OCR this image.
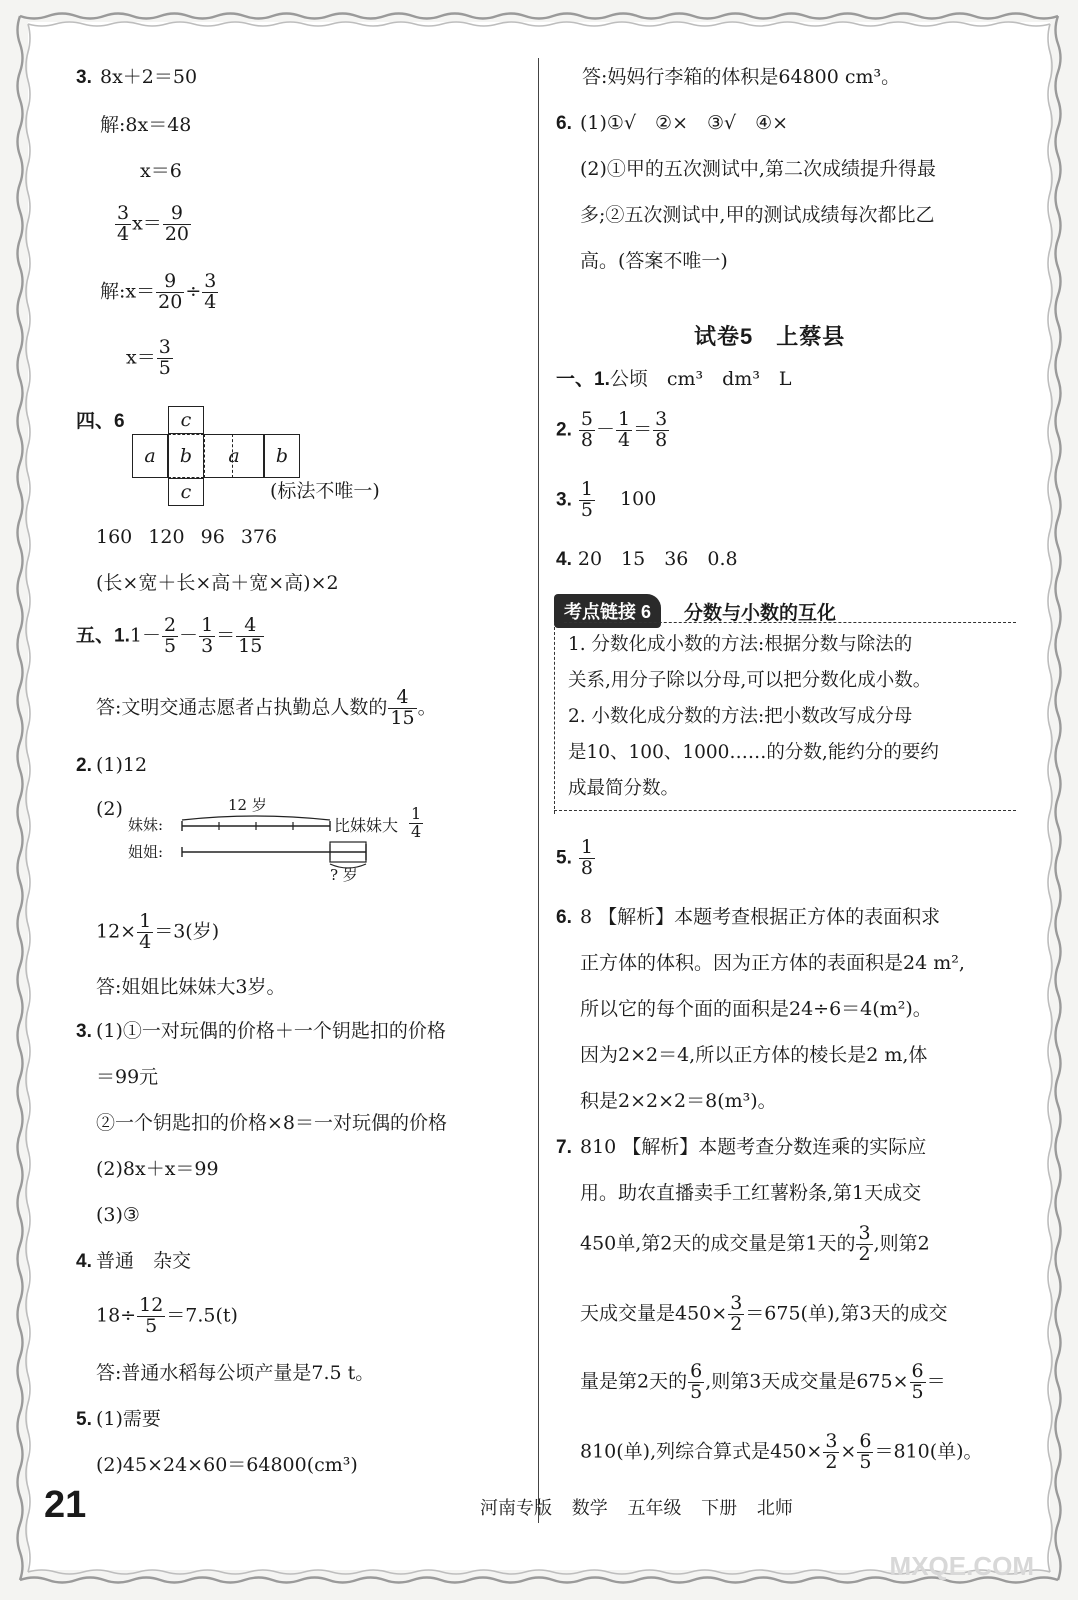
3. 8x＋2＝50
解:8x＝48
x＝6
$\frac{3}{4} x= \frac{9}{20}$
解:x＝ $\frac{9}{20} \div \frac{3}{4}$
$x= \frac{3}{5}$
四、6	c
a	b	a	b
c	(标法不唯一)
160 120 96 376
(长×宽＋长×高＋宽×高)×2
五、$1.1- \frac{2}{5} - \frac{1}{3} = \frac{4}{15}$
答:文明交通志愿者占执勤总人数的 $\frac{4}{15}$ 。
2. (1)12
(2)	12 岁
妹妹:
姐姐:
比妹妹大 $\frac{1}{4}$
? 岁
$12\times \frac{1}{4} =3$(岁)
答:姐姐比妹妹大3岁。
3. (1)①一对玩偶的价格＋一个钥匙扣的价格
＝99元
②一个钥匙扣的价格×8＝一对玩偶的价格
(2)8x＋x＝99
(3)③
4. 普通　杂交
$18\div \frac{12}{5} =7.5(t)$
答:普通水稻每公顷产量是7.5 t。
5. (1)需要
(2)45×24×60＝64800(cm³)
答:妈妈行李箱的体积是64800 cm³。
6. (1)①√　②×　③√　④×
(2)①甲的五次测试中,第二次成绩提升得最
多;②五次测试中,甲的测试成绩每次都比乙
高。(答案不唯一)
试卷5　上蔡县
一、1.公顷　cm³　dm³　L
2. $\frac{5}{8} - \frac{1}{4} = \frac{3}{8}$
3. $\frac{1}{5} 100$
4. 20　15　36　0.8
考点链接 6	分数与小数的互化
1. 分数化成小数的方法:根据分数与除法的
关系,用分子除以分母,可以把分数化成小数。
2. 小数化成分数的方法:把小数改写成分母
是10、100、1000……的分数,能约分的要约
成最简分数。
5. $\frac{1}{8}$
6. 8 【解析】本题考查根据正方体的表面积求
正方体的体积。因为正方体的表面积是24 m²,
所以它的每个面的面积是24÷6＝4(m²)。
因为2×2＝4,所以正方体的棱长是2 m,体
积是2×2×2＝8(m³)。
7. 810 【解析】本题考查分数连乘的实际应
用。助农直播卖手工红薯粉条,第1天成交
450单,第2天的成交量是第1天的 $\frac{3}{2}$ ,则第2
天成交量是$450\times \frac{3}{2} =675$(单),第3天的成交
量是第2天的 $\frac{6}{5}$ ,则第3天成交量是$675\times \frac{6}{5}$ ＝
810(单),列综合算式是$450\times \frac{3}{2} \times \frac{6}{5} =810$(单)。
21	河南专版 数学 五年级 下册 北师
MXQE.COM
